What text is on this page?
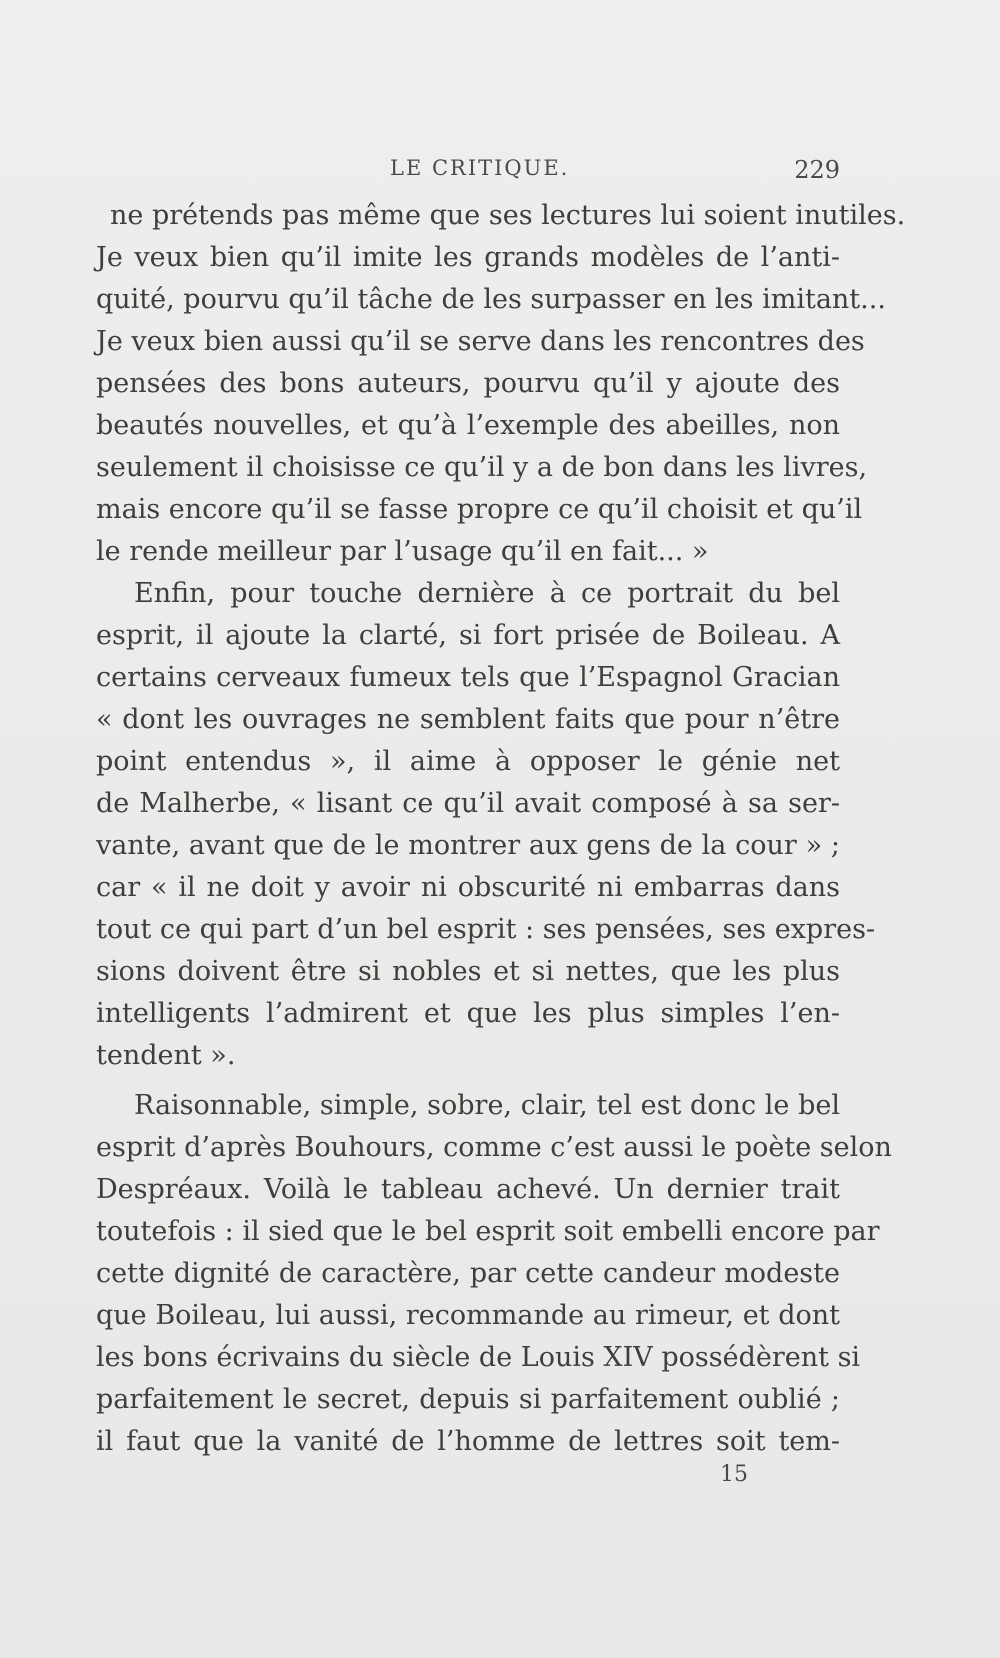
LE CRITIQUE.	229
ne prétends pas même que ses lectures lui soient inutiles.
Je veux bien qu’il imite les grands modèles de l’anti-
quité, pourvu qu’il tâche de les surpasser en les imitant...
Je veux bien aussi qu’il se serve dans les rencontres des
pensées des bons auteurs, pourvu qu’il y ajoute des
beautés nouvelles, et qu’à l’exemple des abeilles, non
seulement il choisisse ce qu’il y a de bon dans les livres,
mais encore qu’il se fasse propre ce qu’il choisit et qu’il
le rende meilleur par l’usage qu’il en fait... »
Enfin, pour touche dernière à ce portrait du bel
esprit, il ajoute la clarté, si fort prisée de Boileau. A
certains cerveaux fumeux tels que l’Espagnol Gracian
« dont les ouvrages ne semblent faits que pour n’être
point entendus », il aime à opposer le génie net
de Malherbe, « lisant ce qu’il avait composé à sa ser-
vante, avant que de le montrer aux gens de la cour » ;
car « il ne doit y avoir ni obscurité ni embarras dans
tout ce qui part d’un bel esprit : ses pensées, ses expres-
sions doivent être si nobles et si nettes, que les plus
intelligents l’admirent et que les plus simples l’en-
tendent ».
Raisonnable, simple, sobre, clair, tel est donc le bel
esprit d’après Bouhours, comme c’est aussi le poète selon
Despréaux. Voilà le tableau achevé. Un dernier trait
toutefois : il sied que le bel esprit soit embelli encore par
cette dignité de caractère, par cette candeur modeste
que Boileau, lui aussi, recommande au rimeur, et dont
les bons écrivains du siècle de Louis XIV possédèrent si
parfaitement le secret, depuis si parfaitement oublié ;
il faut que la vanité de l’homme de lettres soit tem-
15
